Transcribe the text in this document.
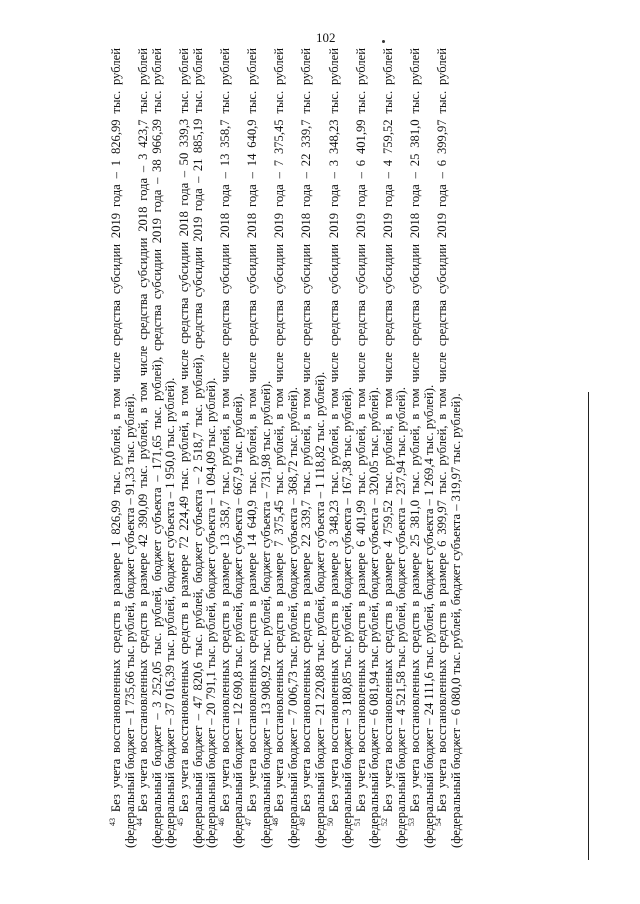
102

$^{43}$ Без учета восстановленных средств в размере 1 826,99 тыс. рублей, в том числе средства субсидии 2019 года – 1 826,99 тыс. рублей (федеральный бюджет – 1 735,66 тыс. рублей, бюджет субъекта – 91,33 тыс. рублей).

$^{44}$ Без учета восстановленных средств в размере 42 390,09 тыс. рублей, в том числе средства субсидии 2018 года – 3 423,7 тыс. рублей (федеральный бюджет – 3 252,05 тыс. рублей, бюджет субъекта – 171,65 тыс. рублей), средства субсидии 2019 года – 38 966,39 тыс. рублей (федеральный бюджет – 37 016,39 тыс. рублей, бюджет субъекта – 1 950,0 тыс. рублей).

$^{45}$ Без учета восстановленных средств в размере 72 224,49 тыс. рублей, в том числе средства субсидии 2018 года – 50 339,3 тыс. рублей (федеральный бюджет – 47 820,6 тыс. рублей, бюджет субъекта – 2 518,7 тыс. рублей), средства субсидии 2019 года – 21 885,19 тыс. рублей (федеральный бюджет – 20 791,1 тыс. рублей, бюджет субъекта – 1 094,09 тыс. рублей).

$^{46}$ Без учета восстановленных средств в размере 13 358,7 тыс. рублей, в том числе средства субсидии 2018 года – 13 358,7 тыс. рублей (федеральный бюджет – 12 690,8 тыс. рублей, бюджет субъекта – 667,9 тыс. рублей).

$^{47}$ Без учета восстановленных средств в размере 14 640,9 тыс. рублей, в том числе средства субсидии 2018 года – 14 640,9 тыс. рублей (федеральный бюджет – 13 908,92 тыс. рублей, бюджет субъекта – 731,98 тыс. рублей).

$^{48}$ Без учета восстановленных средств в размере 7 375,45 тыс. рублей, в том числе средства субсидии 2019 года – 7 375,45 тыс. рублей (федеральный бюджет – 7 006,73 тыс. рублей, бюджет субъекта – 368,72 тыс. рублей).

$^{49}$ Без учета восстановленных средств в размере 22 339,7 тыс. рублей, в том числе средства субсидии 2018 года – 22 339,7 тыс. рублей (федеральный бюджет – 21 220,88 тыс. рублей, бюджет субъекта – 1 118,82 тыс. рублей).

$^{50}$ Без учета восстановленных средств в размере 3 348,23 тыс. рублей, в том числе средства субсидии 2019 года – 3 348,23 тыс. рублей (федеральный бюджет – 3 180,85 тыс. рублей, бюджет субъекта – 167,38 тыс. рублей).

$^{51}$ Без учета восстановленных средств в размере 6 401,99 тыс. рублей, в том числе средства субсидии 2019 года – 6 401,99 тыс. рублей (федеральный бюджет – 6 081,94 тыс. рублей, бюджет субъекта – 320,05 тыс. рублей).

$^{52}$ Без учета восстановленных средств в размере 4 759,52 тыс. рублей, в том числе средства субсидии 2019 года – 4 759,52 тыс. рублей (федеральный бюджет – 4 521,58 тыс. рублей, бюджет субъекта – 237,94 тыс. рублей).

$^{53}$ Без учета восстановленных средств в размере 25 381,0 тыс. рублей, в том числе средства субсидии 2018 года – 25 381,0 тыс. рублей (федеральный бюджет – 24 111,6 тыс. рублей, бюджет субъекта – 1 269,4 тыс. рублей).

$^{54}$ Без учета восстановленных средств в размере 6 399,97 тыс. рублей, в том числе средства субсидии 2019 года – 6 399,97 тыс. рублей (федеральный бюджет – 6 080,0 тыс. рублей, бюджет субъекта – 319,97 тыс. рублей).
